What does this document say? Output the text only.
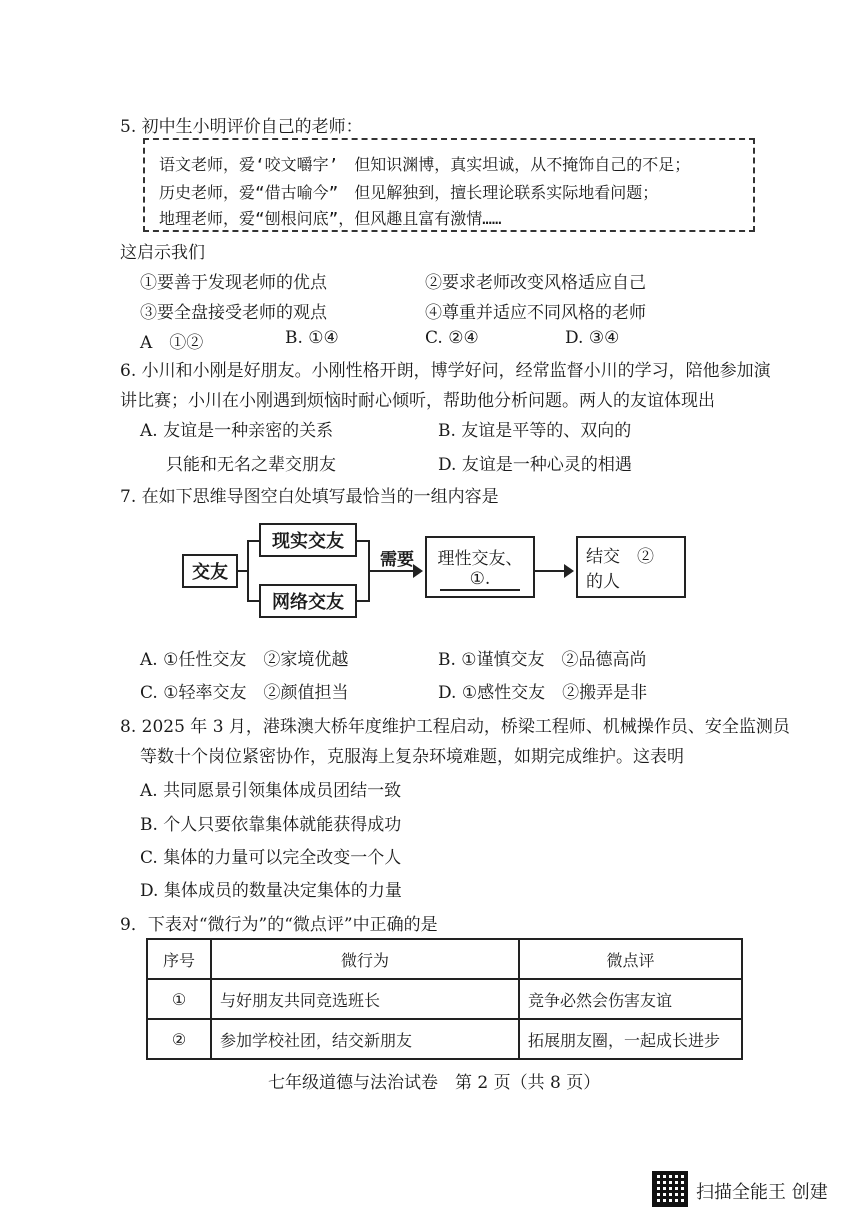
5. 初中生小明评价自己的老师：
语文老师，爱‘咬文嚼字’　但知识渊博，真实坦诚，从不掩饰自己的不足；
历史老师，爱“借古喻今”　但见解独到，擅长理论联系实际地看问题；
地理老师，爱“刨根问底”，但风趣且富有激情……
这启示我们
①要善于发现老师的优点	②要求老师改变风格适应自己
③要全盘接受老师的观点	④尊重并适应不同风格的老师
A　①②	B. ①④	C. ②④	D. ③④
6. 小川和小刚是好朋友。小刚性格开朗，博学好问，经常监督小川的学习，陪他参加演
讲比赛；小川在小刚遇到烦恼时耐心倾听，帮助他分析问题。两人的友谊体现出
A. 友谊是一种亲密的关系	B. 友谊是平等的、双向的
只能和无名之辈交朋友	D. 友谊是一种心灵的相遇
7. 在如下思维导图空白处填写最恰当的一组内容是
交友
现实交友
网络交友
需要 理性交友、
①.
结交　②
的人
A. ①任性交友　②家境优越	B. ①谨慎交友　②品德高尚
C. ①轻率交友　②颜值担当	D. ①感性交友　②搬弄是非
8. 2025 年 3 月，港珠澳大桥年度维护工程启动，桥梁工程师、机械操作员、安全监测员
等数十个岗位紧密协作，克服海上复杂环境难题，如期完成维护。这表明
A. 共同愿景引领集体成员团结一致
B. 个人只要依靠集体就能获得成功
C. 集体的力量可以完全改变一个人
D. 集体成员的数量决定集体的力量
9．下表对“微行为”的“微点评”中正确的是
序号	微行为	微点评
①	与好朋友共同竞选班长	竞争必然会伤害友谊
②	参加学校社团，结交新朋友	拓展朋友圈，一起成长进步
七年级道德与法治试卷　第 2 页（共 8 页）
扫描全能王 创建
